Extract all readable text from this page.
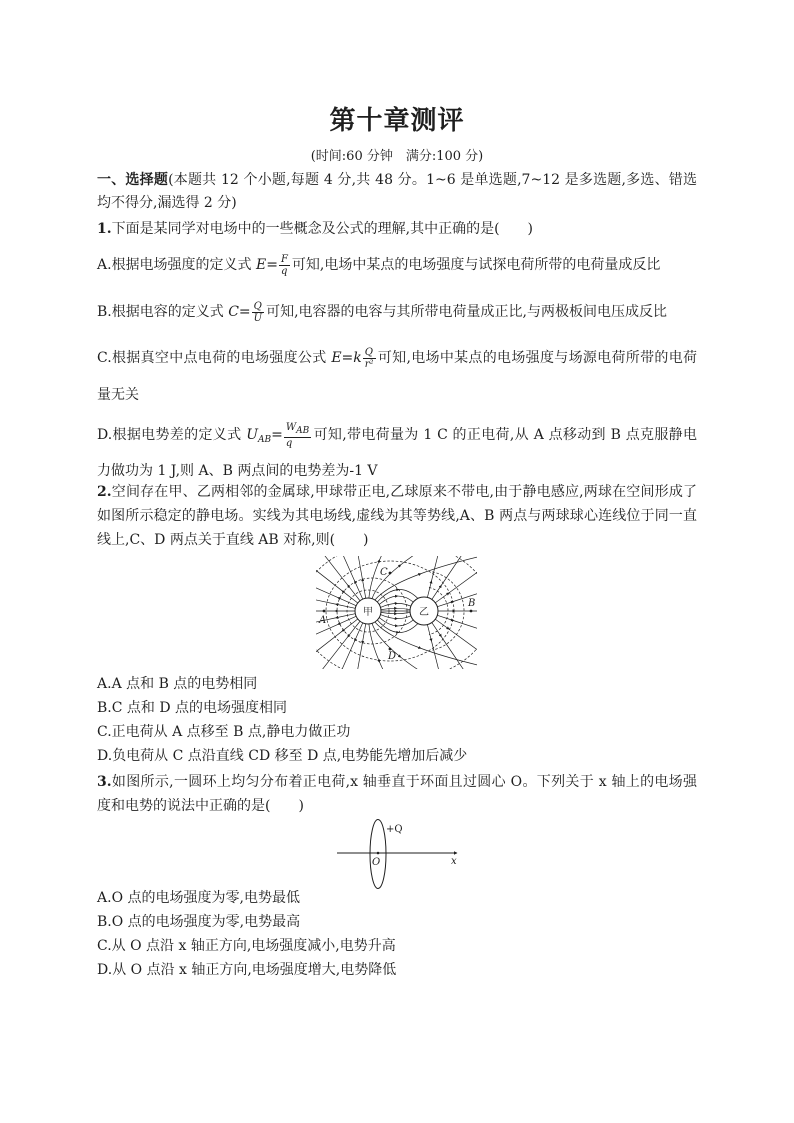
第十章测评
(时间:60 分钟　满分:100 分)
一、选择题(本题共 12 个小题,每题 4 分,共 48 分。1~6 是单选题,7~12 是多选题,多选、错选均不得分,漏选得 2 分)
1.下面是某同学对电场中的一些概念及公式的理解,其中正确的是(　　)
A.根据电场强度的定义式 $E= \frac{F}{q}$ 可知,电场中某点的电场强度与试探电荷所带的电荷量成反比
B.根据电容的定义式 $C= \frac{Q}{U}$ 可知,电容器的电容与其所带电荷量成正比,与两极板间电压成反比
C.根据真空中点电荷的电场强度公式 $E=k \frac{Q}{\text{r²}}$ 可知,电场中某点的电场强度与场源电荷所带的电荷量无关
D.根据电势差的定义式 $U_{AB}= \frac{\text{WAB}}{q}$ 可知,带电荷量为 1 C 的正电荷,从 A 点移动到 B 点克服静电力做功为 1 J,则 A、B 两点间的电势差为-1 V
2.空间存在甲、乙两相邻的金属球,甲球带正电,乙球原来不带电,由于静电感应,两球在空间形成了如图所示稳定的静电场。实线为其电场线,虚线为其等势线,A、B 两点与两球球心连线位于同一直线上,C、D 两点关于直线 AB 对称,则(　　)
甲	乙
A
B
C
D
A.A 点和 B 点的电势相同
B.C 点和 D 点的电场强度相同
C.正电荷从 A 点移至 B 点,静电力做正功
D.负电荷从 C 点沿直线 CD 移至 D 点,电势能先增加后减少
3.如图所示,一圆环上均匀分布着正电荷,x 轴垂直于环面且过圆心 O。下列关于 x 轴上的电场强度和电势的说法中正确的是(　　)
+Q
O	x
A.O 点的电场强度为零,电势最低
B.O 点的电场强度为零,电势最高
C.从 O 点沿 x 轴正方向,电场强度减小,电势升高
D.从 O 点沿 x 轴正方向,电场强度增大,电势降低
